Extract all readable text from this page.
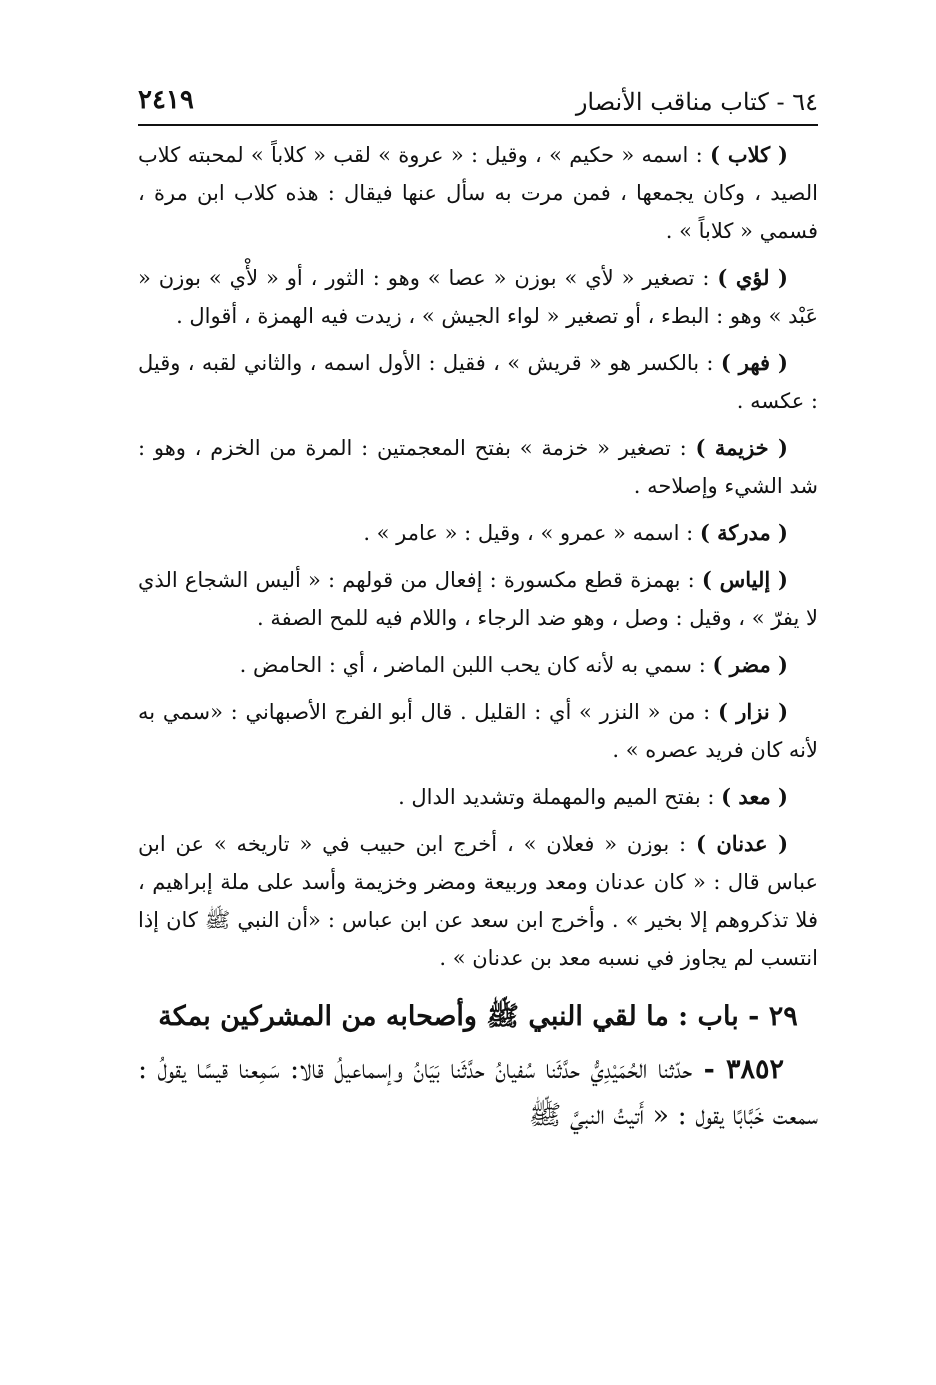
٦٤ - كتاب مناقب الأنصار
٢٤١٩

( كلاب ) : اسمه « حكيم » ، وقيل : « عروة » لقب « كلاباً » لمحبته كلاب الصيد ، وكان يجمعها ، فمن مرت به سأل عنها فيقال : هذه كلاب ابن مرة ، فسمي « كلاباً » .

( لؤي ) : تصغير « لأي » بوزن « عصا » وهو : الثور ، أو « لأْي » بوزن « عَبْد » وهو : البطء ، أو تصغير « لواء الجيش » ، زيدت فيه الهمزة ، أقوال .

( فهر ) : بالكسر هو « قريش » ، فقيل : الأول اسمه ، والثاني لقبه ، وقيل : عكسه .

( خزيمة ) : تصغير « خزمة » بفتح المعجمتين : المرة من الخزم ، وهو : شد الشيء وإصلاحه .

( مدركة ) : اسمه « عمرو » ، وقيل : « عامر » .

( إلياس ) : بهمزة قطع مكسورة : إفعال من قولهم : « أليس الشجاع الذي لا يفرّ » ، وقيل : وصل ، وهو ضد الرجاء ، واللام فيه للمح الصفة .

( مضر ) : سمي به لأنه كان يحب اللبن الماضر ، أي : الحامض .

( نزار ) : من « النزر » أي : القليل . قال أبو الفرج الأصبهاني : «سمي به لأنه كان فريد عصره » .

( معد ) : بفتح الميم والمهملة وتشديد الدال .

( عدنان ) : بوزن « فعلان » ، أخرج ابن حبيب في « تاريخه » عن ابن عباس قال : « كان عدنان ومعد وربيعة ومضر وخزيمة وأسد على ملة إبراهيم ، فلا تذكروهم إلا بخير » . وأخرج ابن سعد عن ابن عباس : «أن النبي ﷺ كان إذا انتسب لم يجاوز في نسبه معد بن عدنان » .

٢٩ - باب : ما لقي النبي ﷺ وأصحابه من المشركين بمكة

٣٨٥٢ - حدّثنا الحُمَيْدِيُّ حدَّثَنا سُفيانُ حدَّثَنا بَيَانُ وإسماعيلُ قالا: سَمِعنا قيسًا يقولُ : سمعت خَبَّابًا يقول : « أَتيتُ النبيَّ ﷺ
